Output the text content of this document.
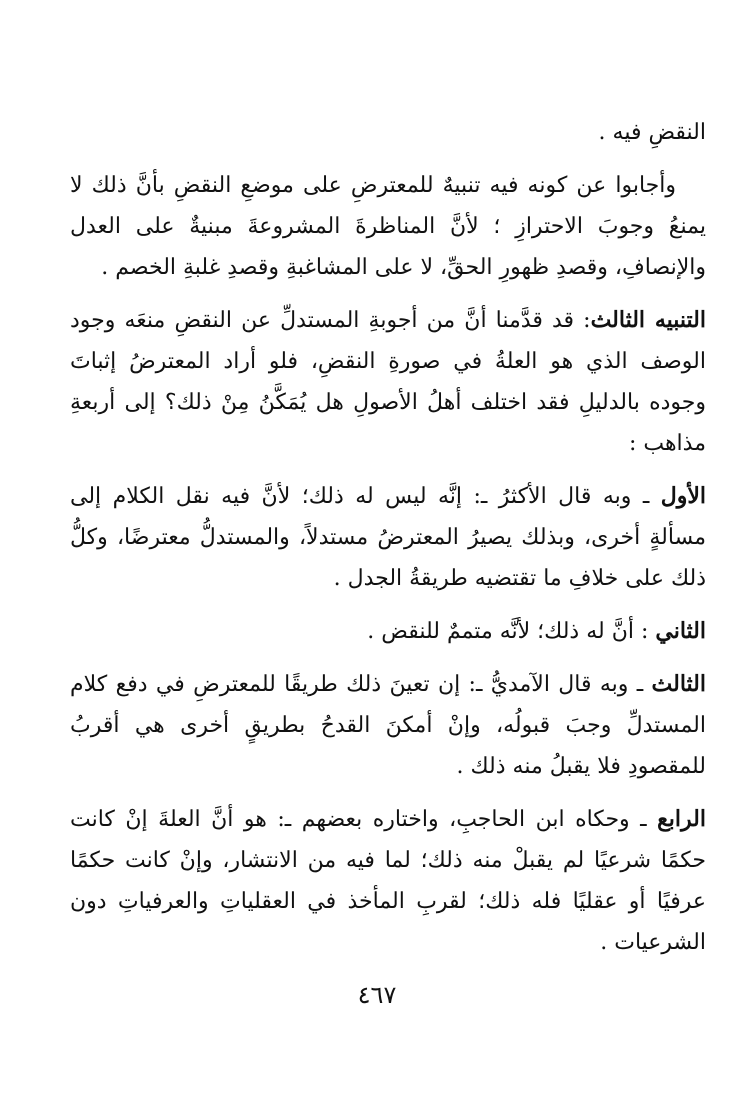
النقضِ فيه .

وأجابوا عن كونه فيه تنبيهٌ للمعترضِ على موضعِ النقضِ بأنَّ ذلك لا يمنعُ وجوبَ الاحترازِ ؛ لأنَّ المناظرةَ المشروعةَ مبنيةٌ على العدل والإنصافِ، وقصدِ ظهورِ الحقِّ، لا على المشاغبةِ وقصدِ غلبةِ الخصم .

التنبيه الثالث: قد قدَّمنا أنَّ من أجوبةِ المستدلِّ عن النقضِ منعَه وجود الوصف الذي هو العلةُ في صورةِ النقضِ، فلو أراد المعترضُ إثباتَ وجوده بالدليلِ فقد اختلف أهلُ الأصولِ هل يُمَكَّنُ مِنْ ذلك؟ إلى أربعةِ مذاهب :

الأول ـ وبه قال الأكثرُ ـ: إنَّه ليس له ذلك؛ لأنَّ فيه نقل الكلام إلى مسألةٍ أخرى، وبذلك يصيرُ المعترضُ مستدلاً، والمستدلُّ معترضًا، وكلُّ ذلك على خلافِ ما تقتضيه طريقةُ الجدل .

الثاني : أنَّ له ذلك؛ لأنَّه متممٌ للنقض .

الثالث ـ وبه قال الآمديُّ ـ: إن تعينَ ذلك طريقًا للمعترضِ في دفع كلام المستدلِّ وجبَ قبولُه، وإنْ أمكنَ القدحُ بطريقٍ أخرى هي أقربُ للمقصودِ فلا يقبلُ منه ذلك .

الرابع ـ وحكاه ابن الحاجبِ، واختاره بعضهم ـ: هو أنَّ العلةَ إنْ كانت حكمًا شرعيًا لم يقبلْ منه ذلك؛ لما فيه من الانتشار، وإنْ كانت حكمًا عرفيًا أو عقليًا فله ذلك؛ لقربِ المأخذ في العقلياتِ والعرفياتِ دون الشرعيات .

٤٦٧
